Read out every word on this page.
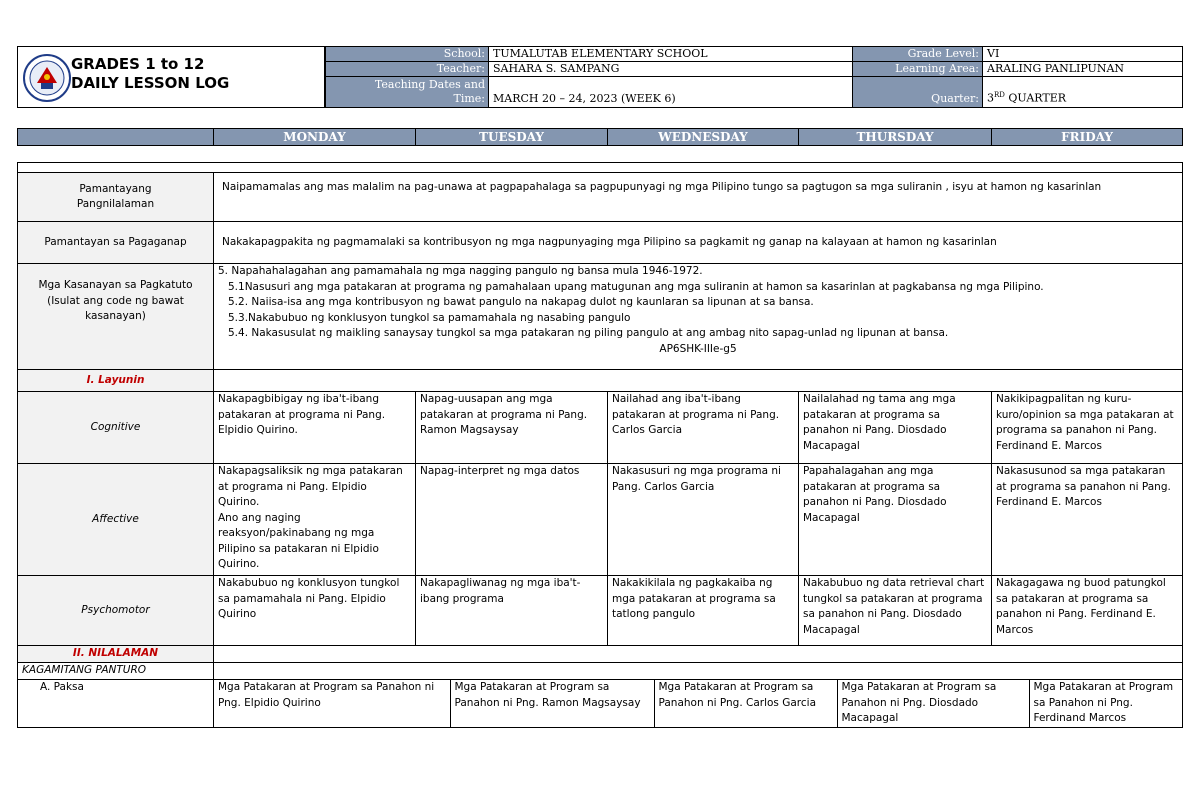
GRADES 1 to 12
DAILY LESSON LOG
School:	TUMALUTAB ELEMENTARY SCHOOL	Grade Level:	VI
Teacher:	SAHARA S. SAMPANG	Learning Area:	ARALING PANLIPUNAN

Teaching Dates and
Time:	MARCH 20 – 24, 2023 (WEEK 6)	Quarter:	3RD QUARTER
	MONDAY	TUESDAY	WEDNESDAY	THURSDAY	FRIDAY

Pamantayang
Pangnilalaman
	Naipamamalas ang mas malalim na pag-unawa at pagpapahalaga sa pagpupunyagi ng mga Pilipino tungo sa pagtugon sa mga suliranin , isyu at hamon ng kasarinlan
Pamantayan sa Pagaganap	Nakakapagpakita ng pagmamalaki sa kontribusyon ng mga nagpunyaging mga Pilipino sa pagkamit ng ganap na kalayaan at hamon ng kasarinlan

Mga Kasanayan sa Pagkatuto
(Isulat ang code ng bawat
kasanayan)

5. Napahahalagahan ang pamamahala ng mga nagging pangulo ng bansa mula 1946-1972.
5.1Nasusuri ang mga patakaran at programa ng pamahalaan upang matugunan ang mga suliranin at hamon sa kasarinlan at pagkabansa ng mga Pilipino.
5.2. Naiisa-isa ang mga kontribusyon ng bawat pangulo na nakapag dulot ng kaunlaran sa lipunan at sa bansa.
5.3.Nakabubuo ng konklusyon tungkol sa pamamahala ng nasabing pangulo
5.4. Nakasusulat ng maikling sanaysay tungkol sa mga patakaran ng piling pangulo at ang ambag nito sapag-unlad ng lipunan at bansa.
AP6SHK-IIIe-g5

I. Layunin	
Cognitive	Nakapagbibigay ng iba't-ibang patakaran at programa ni Pang. Elpidio Quirino.	Napag-uusapan ang mga patakaran at programa ni Pang. Ramon Magsaysay	Nailahad ang iba't-ibang patakaran at programa ni Pang. Carlos Garcia	Nailalahad ng tama ang mga patakaran at programa sa panahon ni Pang. Diosdado Macapagal	Nakikipagpalitan ng kuru-kuro/opinion sa mga patakaran at programa sa panahon ni Pang. Ferdinand E. Marcos
Affective	Nakapagsaliksik ng mga patakaran at programa ni Pang. Elpidio Quirino.
Ano ang naging reaksyon/pakinabang ng mga Pilipino sa patakaran ni Elpidio Quirino.	Napag-interpret ng mga datos	Nakasusuri ng mga programa ni Pang. Carlos Garcia	Papahalagahan ang mga patakaran at programa sa panahon ni Pang. Diosdado Macapagal	Nakasusunod sa mga patakaran at programa sa panahon ni Pang. Ferdinand E. Marcos
Psychomotor	Nakabubuo ng konklusyon tungkol sa pamamahala ni Pang. Elpidio Quirino	Nakapagliwanag ng mga iba't-ibang programa	Nakakikilala ng pagkakaiba ng mga patakaran at programa sa tatlong pangulo	Nakabubuo ng data retrieval chart tungkol sa patakaran at programa sa panahon ni Pang. Diosdado Macapagal	Nakagagawa ng buod patungkol sa patakaran at programa sa panahon ni Pang. Ferdinand E. Marcos
II. NILALAMAN	
KAGAMITANG PANTURO	
A. Paksa		Mga Patakaran at Program sa Panahon ni Png. Elpidio Quirino	Mga Patakaran at Program sa Panahon ni Png. Ramon Magsaysay	Mga Patakaran at Program sa Panahon ni Png. Carlos Garcia	Mga Patakaran at Program sa Panahon ni Png. Diosdado Macapagal	Mga Patakaran at Program sa Panahon ni Png. Ferdinand Marcos
